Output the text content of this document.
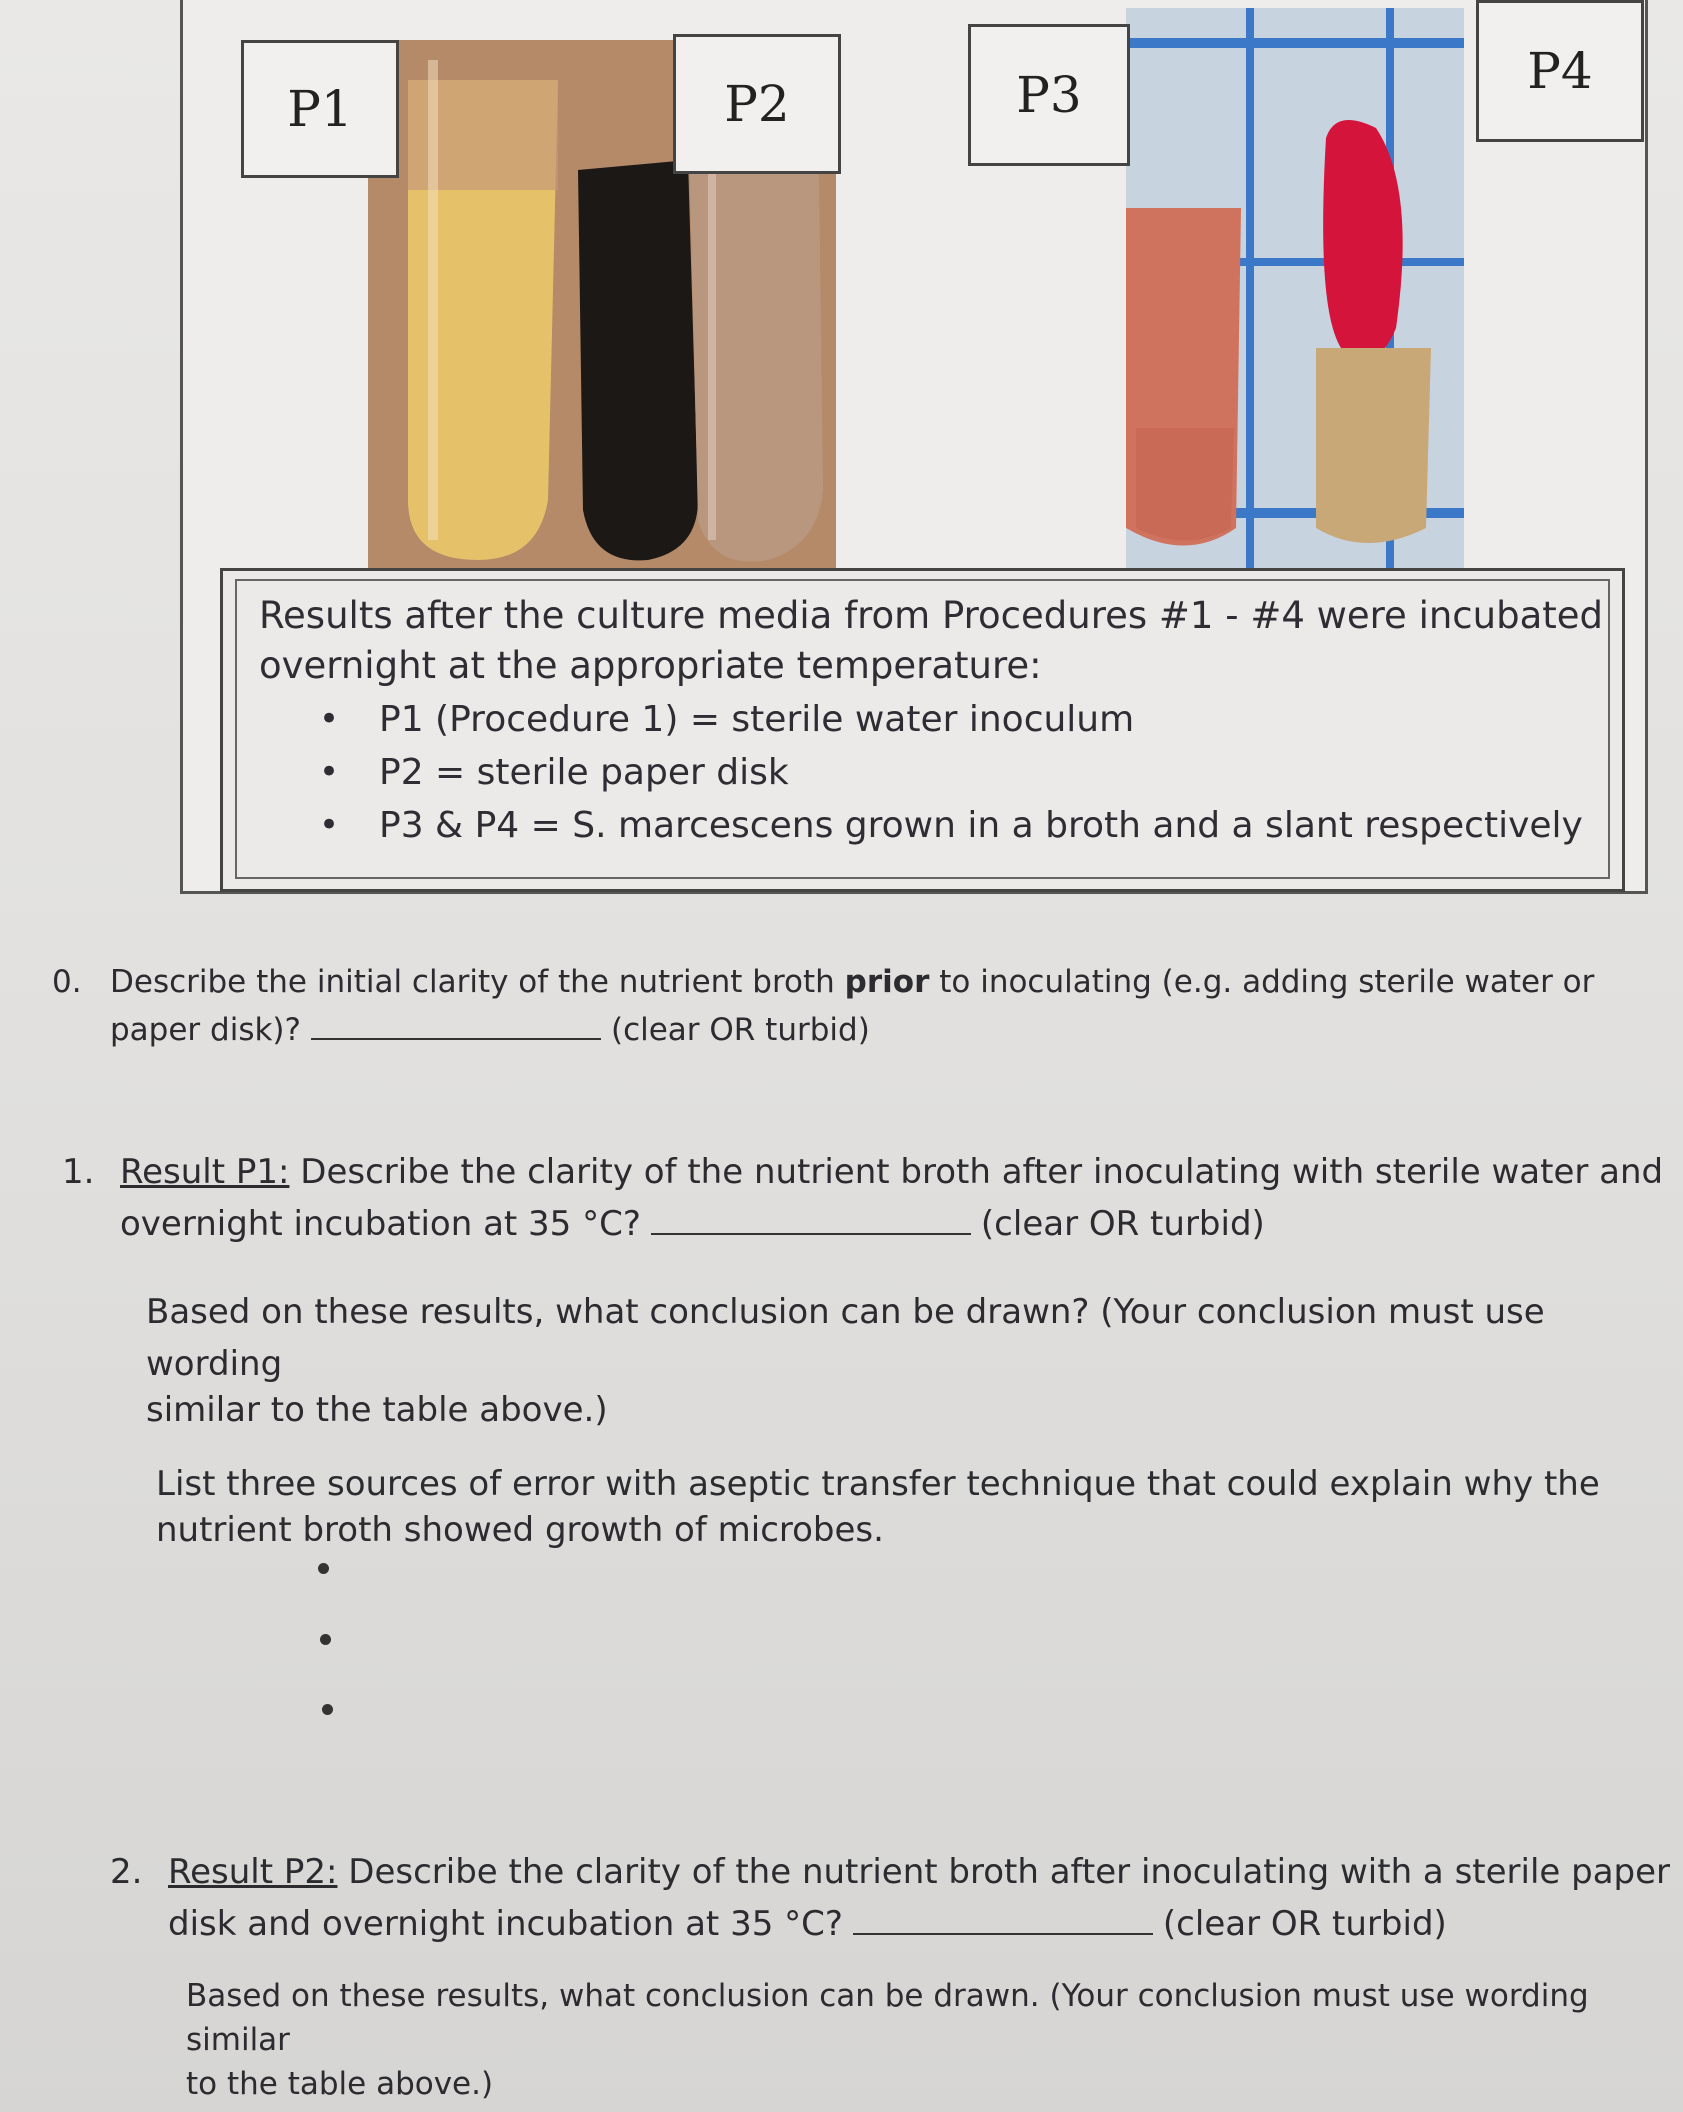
P1	P2	P3	P4
Results after the culture media from Procedures #1 - #4 were incubated
overnight at the appropriate temperature:
• P1 (Procedure 1) = sterile water inoculum
• P2 = sterile paper disk
• P3 & P4 = S. marcescens grown in a broth and a slant respectively
0. Describe the initial clarity of the nutrient broth prior to inoculating (e.g. adding sterile water or
paper disk)?	(clear OR turbid)
1. Result P1: Describe the clarity of the nutrient broth after inoculating with sterile water and
overnight incubation at 35 °C?	(clear OR turbid)
Based on these results, what conclusion can be drawn? (Your conclusion must use wording
similar to the table above.)
List three sources of error with aseptic transfer technique that could explain why the
nutrient broth showed growth of microbes.
2. Result P2: Describe the clarity of the nutrient broth after inoculating with a sterile paper
disk and overnight incubation at 35 °C?	(clear OR turbid)
Based on these results, what conclusion can be drawn. (Your conclusion must use wording similar
to the table above.)
